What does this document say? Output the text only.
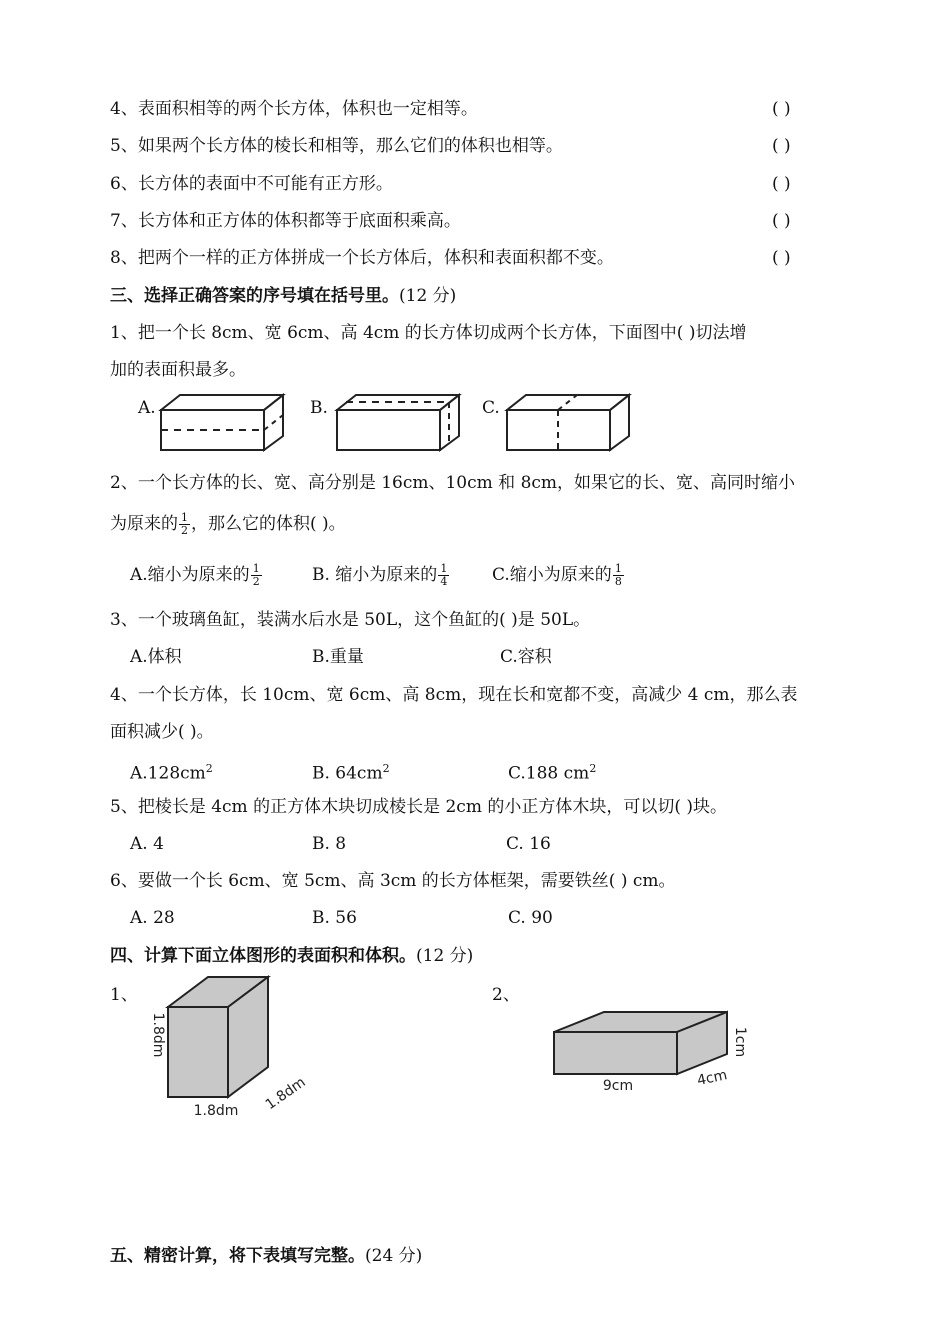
4、表面积相等的两个长方体，体积也一定相等。	( )
5、如果两个长方体的棱长和相等，那么它们的体积也相等。	( )
6、长方体的表面中不可能有正方形。	( )
7、长方体和正方体的体积都等于底面积乘高。	( )
8、把两个一样的正方体拼成一个长方体后，体积和表面积都不变。	( )
三、选择正确答案的序号填在括号里。(12 分)
1、把一个长 8cm、宽 6cm、高 4cm 的长方体切成两个长方体，下面图中( )切法增
加的表面积最多。
A.	B.	C.
2、一个长方体的长、宽、高分别是 16cm、10cm 和 8cm，如果它的长、宽、高同时缩小
为原来的 $\frac{1}{2}$ ，那么它的体积( )。
A.缩小为原来的 $\frac{1}{2}$	B. 缩小为原来的 $\frac{1}{4}$	C.缩小为原来的 $\frac{1}{8}$
3、一个玻璃鱼缸，装满水后水是 50L，这个鱼缸的( )是 50L。
A.体积	B.重量	C.容积
4、一个长方体，长 10cm、宽 6cm、高 8cm，现在长和宽都不变，高减少 4 cm，那么表
面积减少( )。
$A.128cm^2$	B. $64cm^2$	C.188 $cm^2$
5、把棱长是 4cm 的正方体木块切成棱长是 2cm 的小正方体木块，可以切( )块。
A. 4	B. 8	C. 16
6、要做一个长 6cm、宽 5cm、高 3cm 的长方体框架，需要铁丝( ) cm。
A. 28	B. 56	C. 90
四、计算下面立体图形的表面积和体积。(12 分)
1、
1.8dm
1.8dm 1.8dm
2、
9cm	4cm
1cm
五、精密计算，将下表填写完整。(24 分)
